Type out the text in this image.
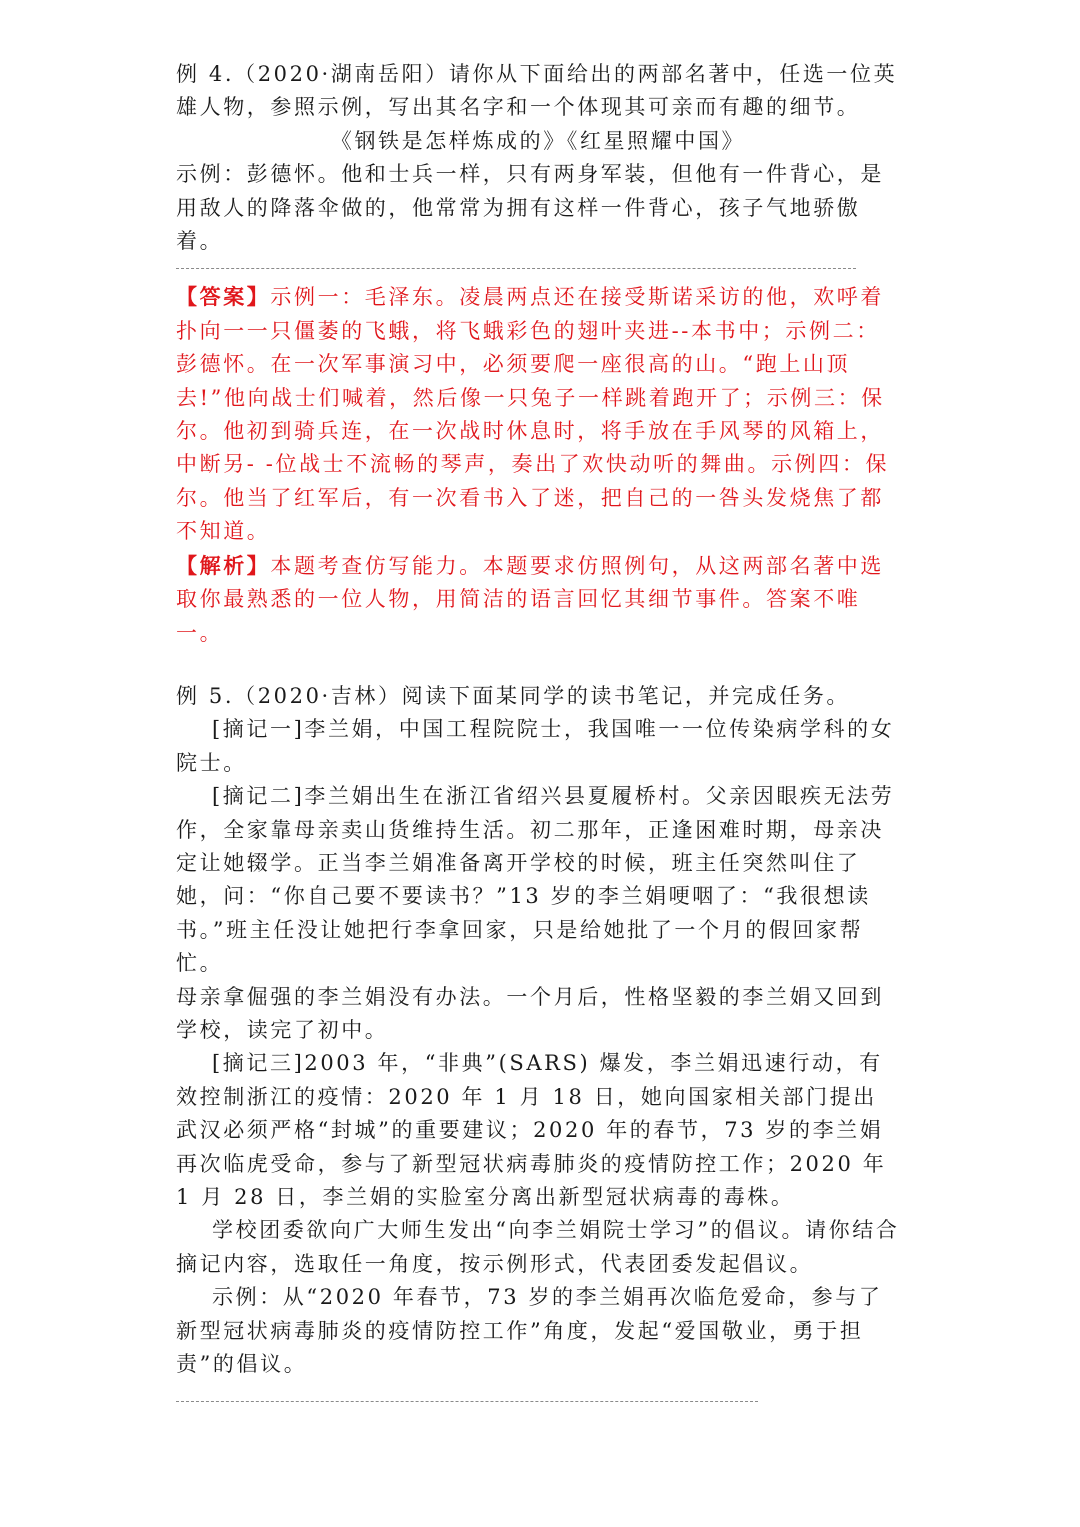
例 4.（2020·湖南岳阳）请你从下面给出的两部名著中，任选一位英雄人物，参照示例，写出其名字和一个体现其可亲而有趣的细节。

《钢铁是怎样炼成的》《红星照耀中国》

示例：彭德怀。他和士兵一样，只有两身军装，但他有一件背心，是用敌人的降落伞做的，他常常为拥有这样一件背心，孩子气地骄傲着。

【答案】示例一：毛泽东。凌晨两点还在接受斯诺采访的他，欢呼着扑向一一只僵萎的飞蛾，将飞蛾彩色的翅叶夹进--本书中；示例二：彭德怀。在一次军事演习中，必须要爬一座很高的山。“跑上山顶去!”他向战士们喊着，然后像一只兔子一样跳着跑开了；示例三：保尔。他初到骑兵连，在一次战时休息时，将手放在手风琴的风箱上，中断另- -位战士不流畅的琴声，奏出了欢快动听的舞曲。示例四：保尔。他当了红军后，有一次看书入了迷，把自己的一咎头发烧焦了都不知道。

【解析】本题考查仿写能力。本题要求仿照例句，从这两部名著中选取你最熟悉的一位人物，用简洁的语言回忆其细节事件。答案不唯一。

例 5.（2020·吉林）阅读下面某同学的读书笔记，并完成任务。

[摘记一]李兰娟，中国工程院院士，我国唯一一位传染病学科的女院士。

[摘记二]李兰娟出生在浙江省绍兴县夏履桥村。父亲因眼疾无法劳作，全家靠母亲卖山货维持生活。初二那年，正逢困难时期，母亲决定让她辍学。正当李兰娟准备离开学校的时候，班主任突然叫住了她，问：“你自己要不要读书？”13 岁的李兰娟哽咽了：“我很想读书。”班主任没让她把行李拿回家，只是给她批了一个月的假回家帮忙。

母亲拿倔强的李兰娟没有办法。一个月后，性格坚毅的李兰娟又回到学校，读完了初中。

[摘记三]2003 年，“非典”(SARS) 爆发，李兰娟迅速行动，有效控制浙江的疫情：2020 年 1 月 18 日，她向国家相关部门提出武汉必须严格“封城”的重要建议；2020 年的春节，73 岁的李兰娟再次临虎受命，参与了新型冠状病毒肺炎的疫情防控工作；2020 年 1 月 28 日，李兰娟的实脸室分离出新型冠状病毒的毒株。

学校团委欲向广大师生发出“向李兰娟院士学习”的倡议。请你结合摘记内容，选取任一角度，按示例形式，代表团委发起倡议。

示例：从“2020 年春节，73 岁的李兰娟再次临危爱命，参与了新型冠状病毒肺炎的疫情防控工作”角度，发起“爱国敬业，勇于担责”的倡议。
